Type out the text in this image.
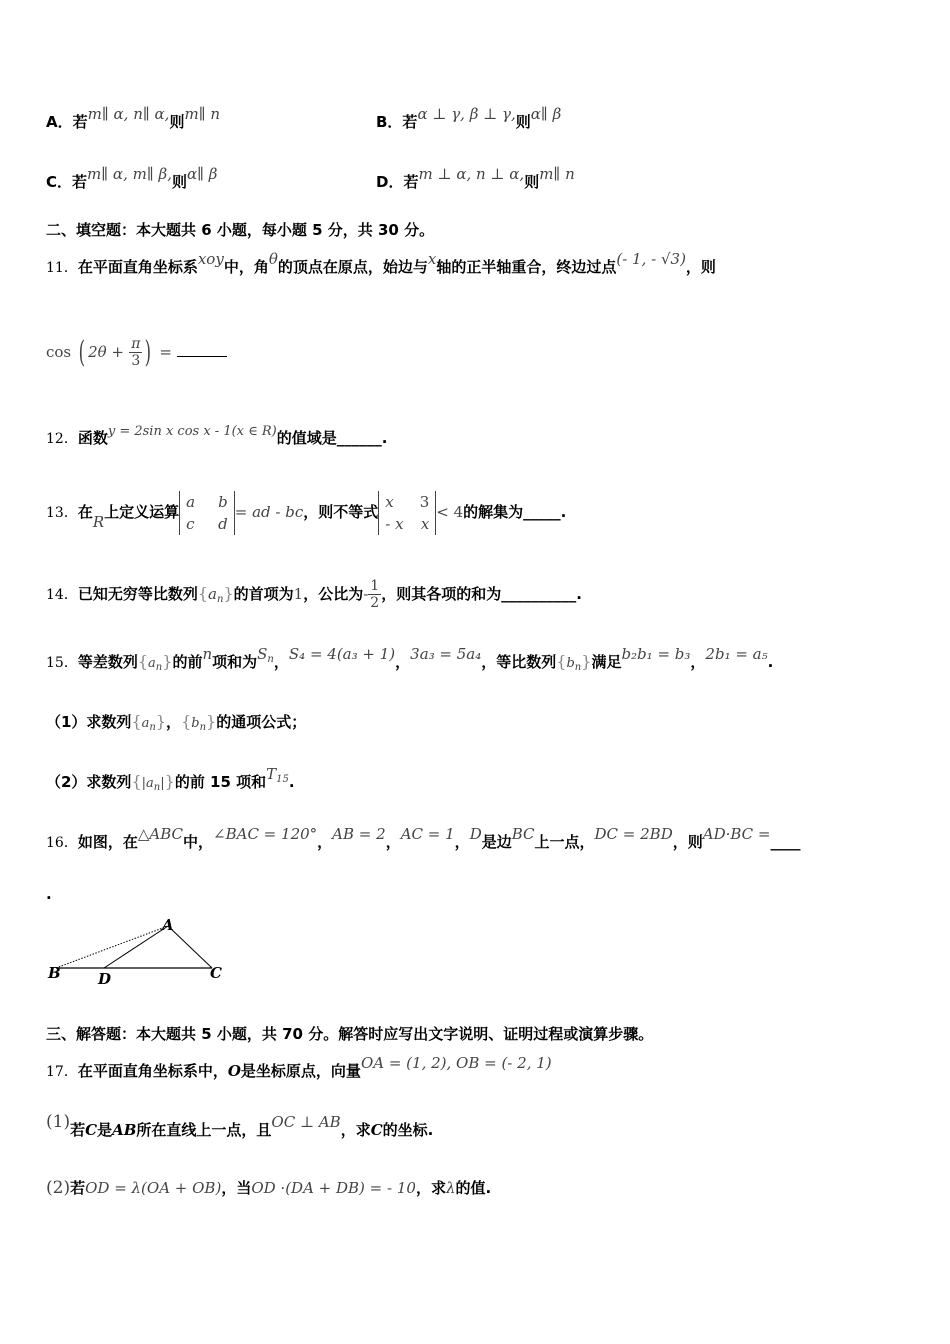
A．若m∥ α, n∥ α,则m∥ n	B．若α ⊥ γ, β ⊥ γ,则α∥ β
C．若m∥ α, m∥ β,则α∥ β	D．若m ⊥ α, n ⊥ α,则m∥ n
二、填空题：本大题共 6 小题，每小题 5 分，共 30 分。
11．在平面直角坐标系xoy中，角θ的顶点在原点，始边与x轴的正半轴重合，终边过点(- 1, - √3)，则
cos ( $2\theta + \frac{\pi}{3}$ ) =
12．函数y = 2sin x cos x - 1(x ∈ R)的值域是______.
13．在R上定义运算
a b
c d
= ad - bc，则不等式
x 3
- x x
< 4的解集为_____.
14．已知无穷等比数列$\{a_n\}$的首项为1，公比为- $\frac{1}{2}$ ，则其各项的和为__________.
15．等差数列$\{a_n\}$的前n项和为$S^n$，S₄ = 4(a₃ + 1)，3a₃ = 5a₄，等比数列$\{b_n\}$满足b₂b₁ = b₃，2b₁ = a₅.
（1）求数列$\{a_n\}$，$\{b_n\}$的通项公式；
（2）求数列$\{|a_n|\}$的前 15 项和$T^{15}$.
16．如图，在△ABC中，∠BAC = 120°，AB = 2，AC = 1，D是边BC上一点，DC = 2BD，则AD·BC =____
.
A
B	C
D
三、解答题：本大题共 5 小题，共 70 分。解答时应写出文字说明、证明过程或演算步骤。
17．在平面直角坐标系中，O是坐标原点，向量OA = (1, 2), OB = (- 2, 1)
(1)若C是AB所在直线上一点，且OC ⊥ AB，求C的坐标.
(2)若OD = λ(OA + OB)，当OD ·(DA + DB) = - 10，求λ的值.
